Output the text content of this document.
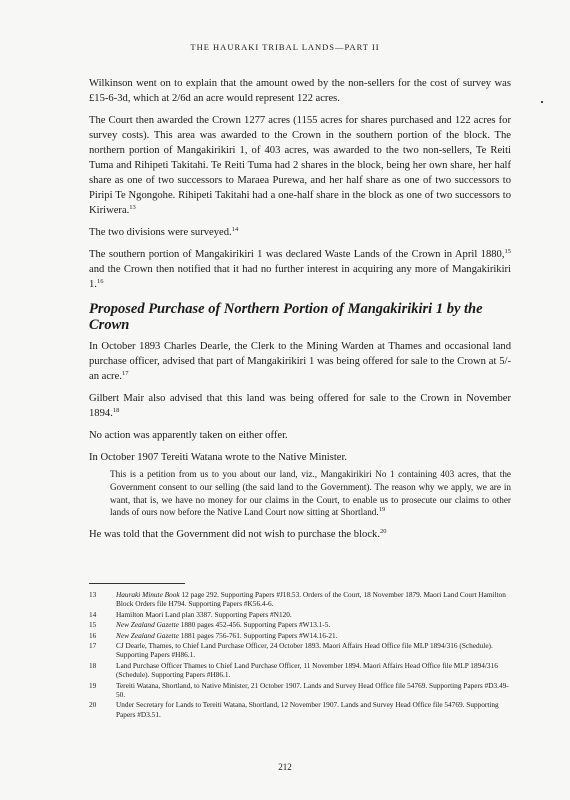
THE HAURAKI TRIBAL LANDS—PART II

Wilkinson went on to explain that the amount owed by the non-sellers for the cost of survey was £15-6-3d, which at 2/6d an acre would represent 122 acres.

The Court then awarded the Crown 1277 acres (1155 acres for shares purchased and 122 acres for survey costs). This area was awarded to the Crown in the southern portion of the block. The northern portion of Mangakirikiri 1, of 403 acres, was awarded to the two non-sellers, Te Reiti Tuma and Rihipeti Takitahi. Te Reiti Tuma had 2 shares in the block, being her own share, her half share as one of two successors to Maraea Purewa, and her half share as one of two successors to Piripi Te Ngongohe. Rihipeti Takitahi had a one-half share in the block as one of two successors to Kiriwera.$^{13}$

The two divisions were surveyed.$^{14}$

The southern portion of Mangakirikiri 1 was declared Waste Lands of the Crown in April 1880,15 and the Crown then notified that it had no further interest in acquiring any more of Mangakirikiri 1.16

Proposed Purchase of Northern Portion of Mangakirikiri 1 by the Crown

In October 1893 Charles Dearle, the Clerk to the Mining Warden at Thames and occasional land purchase officer, advised that part of Mangakirikiri 1 was being offered for sale to the Crown at 5/- an acre.$^{17}$

Gilbert Mair also advised that this land was being offered for sale to the Crown in November 1894.18

No action was apparently taken on either offer.

In October 1907 Tereiti Watana wrote to the Native Minister.

This is a petition from us to you about our land, viz., Mangakirikiri No 1 containing 403 acres, that the Government consent to our selling (the said land to the Government). The reason why we apply, we are in want, that is, we have no money for our claims in the Court, to enable us to prosecute our claims to other lands of ours now before the Native Land Court now sitting at Shortland.$^{19}$

He was told that the Government did not wish to purchase the block.$^{20}$

13	Hauraki Minute Book 12 page 292. Supporting Papers #J18.53. Orders of the Court, 18 November 1879. Maori Land Court Hamilton Block Orders file H794. Supporting Papers #K56.4-6.
14	Hamilton Maori Land plan 3387. Supporting Papers #N120.
15	New Zealand Gazette 1880 pages 452-456. Supporting Papers #W13.1-5.
16	New Zealand Gazette 1881 pages 756-761. Supporting Papers #W14.16-21.
17	CJ Dearle, Thames, to Chief Land Purchase Officer, 24 October 1893. Maori Affairs Head Office file MLP 1894/316 (Schedule). Supporting Papers #H86.1.
18	Land Purchase Officer Thames to Chief Land Purchase Officer, 11 November 1894. Maori Affairs Head Office file MLP 1894/316 (Schedule). Supporting Papers #H86.1.
19	Tereiti Watana, Shortland, to Native Minister, 21 October 1907. Lands and Survey Head Office file 54769. Supporting Papers #D3.49-50.
20	Under Secretary for Lands to Tereiti Watana, Shortland, 12 November 1907. Lands and Survey Head Office file 54769. Supporting Papers #D3.51.
212
